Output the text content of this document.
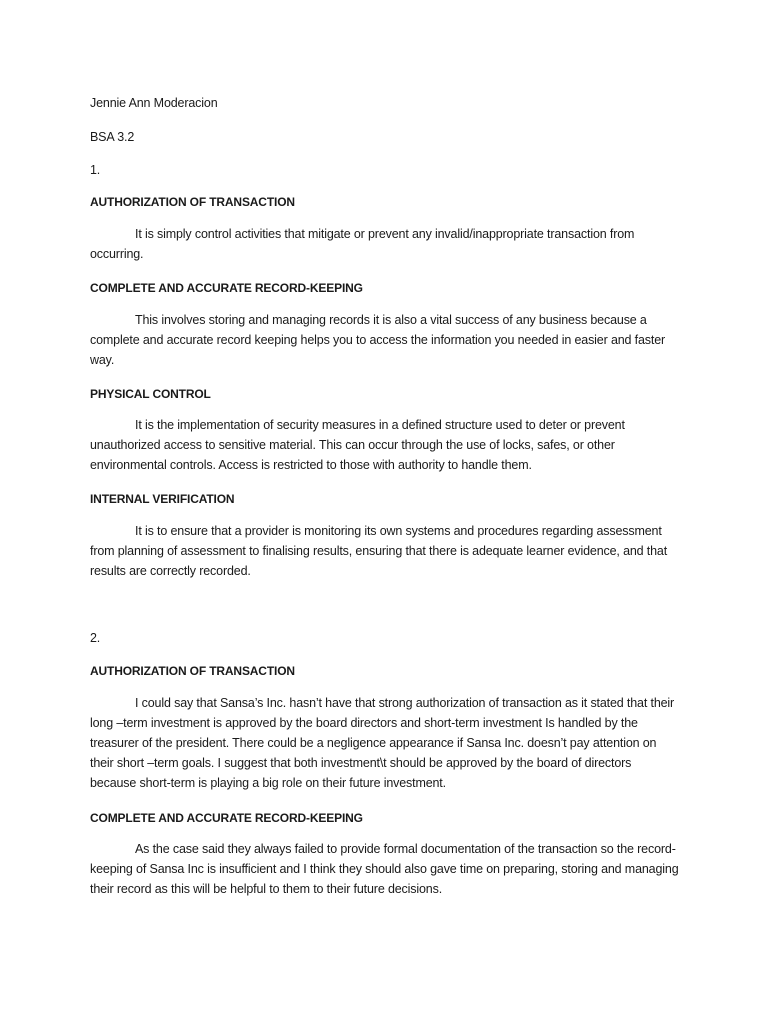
Jennie Ann Moderacion
BSA 3.2
1.
AUTHORIZATION OF TRANSACTION
It is simply control activities that mitigate or prevent any invalid/inappropriate transaction from occurring.
COMPLETE AND ACCURATE RECORD-KEEPING
This involves storing and managing records it is also a vital success of any business because a complete and accurate record keeping helps you to access the information you needed in easier and faster way.
PHYSICAL CONTROL
It is the implementation of security measures in a defined structure used to deter or prevent unauthorized access to sensitive material. This can occur through the use of locks, safes, or other environmental controls. Access is restricted to those with authority to handle them.
INTERNAL VERIFICATION
It is to ensure that a provider is monitoring its own systems and procedures regarding assessment from planning of assessment to finalising results, ensuring that there is adequate learner evidence, and that results are correctly recorded.
2.
AUTHORIZATION OF TRANSACTION
I could say that Sansa’s Inc. hasn’t have that strong authorization of transaction as it stated that their long –term investment is approved by the board directors and short-term investment Is handled by the treasurer of the president. There could be a negligence appearance if Sansa Inc. doesn’t pay attention on their short –term goals. I suggest that both investment\t should be approved by the board of directors because short-term is playing a big role on their future investment.
COMPLETE AND ACCURATE RECORD-KEEPING
As the case said they always failed to provide formal documentation of the transaction so the record-keeping of Sansa Inc is insufficient and I think they should also gave time on preparing, storing and managing their record as this will be helpful to them to their future decisions.
